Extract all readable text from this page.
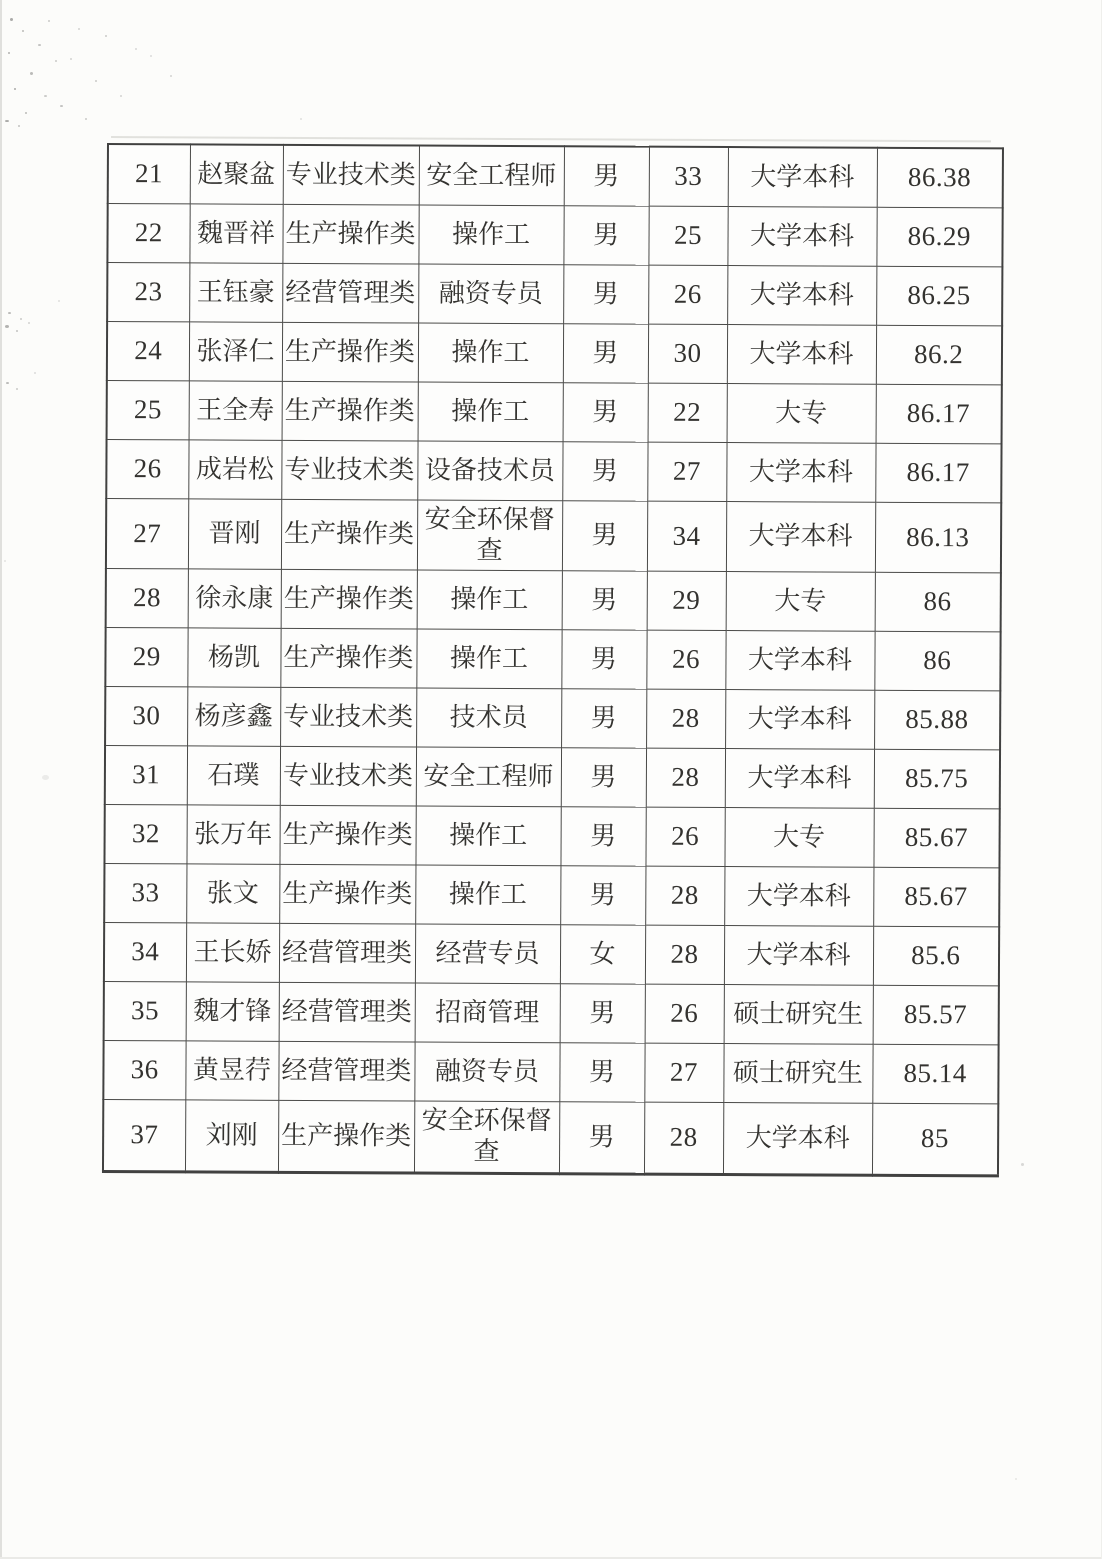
21	赵聚盆	专业技术类	安全工程师	男	33	大学本科	86.38
22	魏晋祥	生产操作类	操作工	男	25	大学本科	86.29
23	王钰豪	经营管理类	融资专员	男	26	大学本科	86.25
24	张泽仁	生产操作类	操作工	男	30	大学本科	86.2
25	王全寿	生产操作类	操作工	男	22	大专	86.17
26	成岩松	专业技术类	设备技术员	男	27	大学本科	86.17
27	晋刚	生产操作类	安全环保督查	男	34	大学本科	86.13
28	徐永康	生产操作类	操作工	男	29	大专	86
29	杨凯	生产操作类	操作工	男	26	大学本科	86
30	杨彦鑫	专业技术类	技术员	男	28	大学本科	85.88
31	石璞	专业技术类	安全工程师	男	28	大学本科	85.75
32	张万年	生产操作类	操作工	男	26	大专	85.67
33	张文	生产操作类	操作工	男	28	大学本科	85.67
34	王长娇	经营管理类	经营专员	女	28	大学本科	85.6
35	魏才锋	经营管理类	招商管理	男	26	硕士研究生	85.57
36	黄昱荇	经营管理类	融资专员	男	27	硕士研究生	85.14
37	刘刚	生产操作类	安全环保督查	男	28	大学本科	85
